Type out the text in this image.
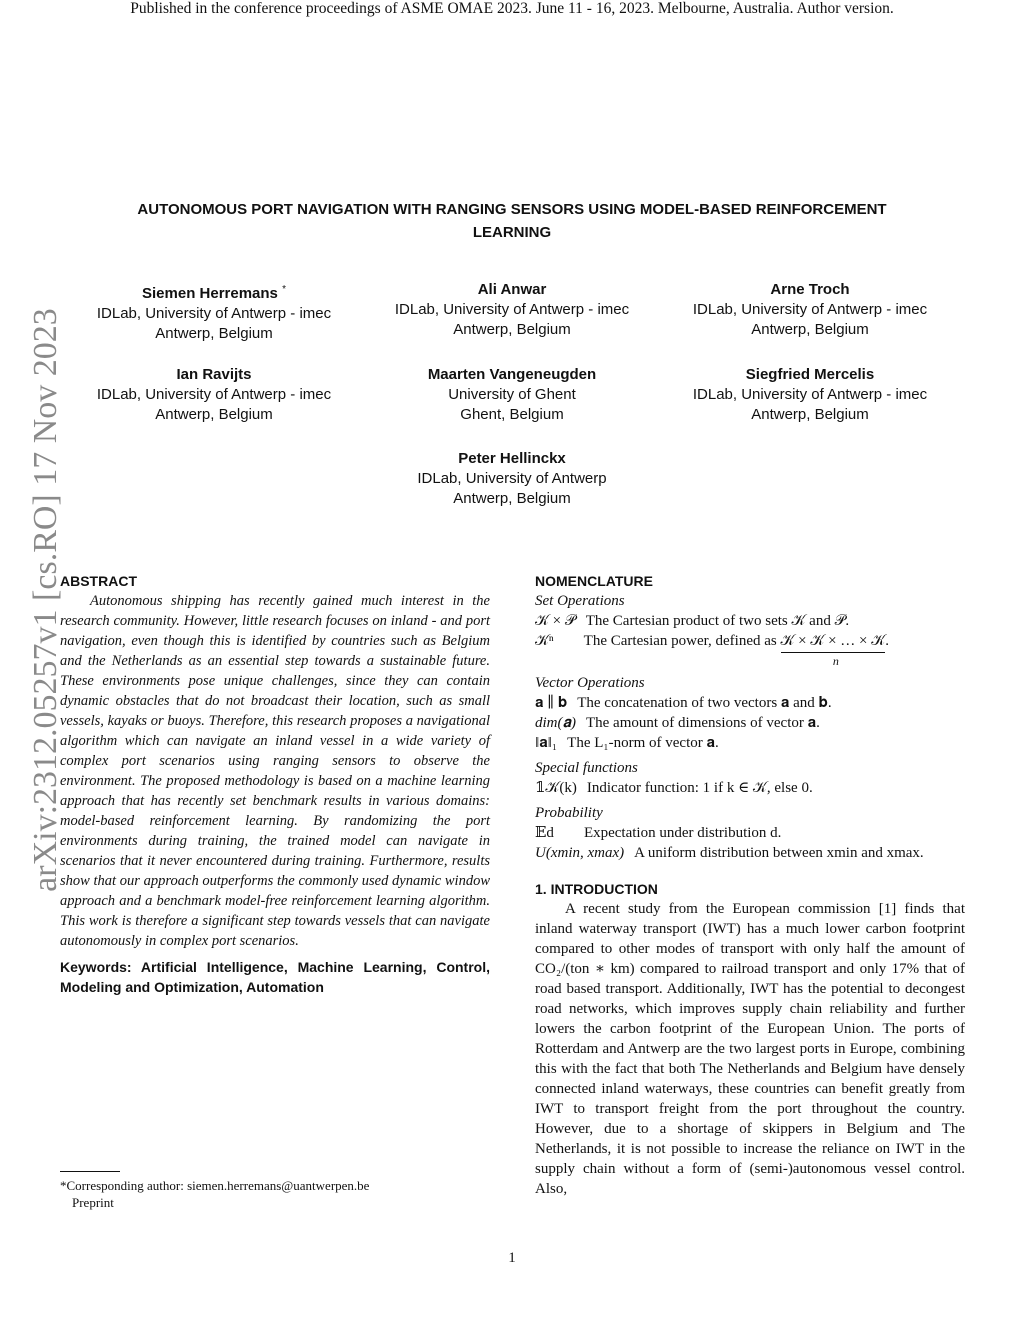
Published in the conference proceedings of ASME OMAE 2023. June 11 - 16, 2023. Melbourne, Australia. Author version.
arXiv:2312.05257v1 [cs.RO] 17 Nov 2023
AUTONOMOUS PORT NAVIGATION WITH RANGING SENSORS USING MODEL-BASED REINFORCEMENT
LEARNING
Siemen Herremans *
IDLab, University of Antwerp - imec
Antwerp, Belgium
Ali Anwar
IDLab, University of Antwerp - imec
Antwerp, Belgium
Arne Troch
IDLab, University of Antwerp - imec
Antwerp, Belgium
Ian Ravijts
IDLab, University of Antwerp - imec
Antwerp, Belgium
Maarten Vangeneugden
University of Ghent
Ghent, Belgium
Siegfried Mercelis
IDLab, University of Antwerp - imec
Antwerp, Belgium
Peter Hellinckx
IDLab, University of Antwerp
Antwerp, Belgium
ABSTRACT

Autonomous shipping has recently gained much interest in the research community. However, little research focuses on inland - and port navigation, even though this is identified by countries such as Belgium and the Netherlands as an essential step towards a sustainable future. These environments pose unique challenges, since they can contain dynamic obstacles that do not broadcast their location, such as small vessels, kayaks or buoys. Therefore, this research proposes a navigational algorithm which can navigate an inland vessel in a wide variety of complex port scenarios using ranging sensors to observe the environment. The proposed methodology is based on a machine learning approach that has recently set benchmark results in various domains: model-based reinforcement learning. By randomizing the port environments during training, the trained model can navigate in scenarios that it never encountered during training. Furthermore, results show that our approach outperforms the commonly used dynamic window approach and a benchmark model-free reinforcement learning algorithm. This work is therefore a significant step towards vessels that can navigate autonomously in complex port scenarios.

Keywords: Artificial Intelligence, Machine Learning, Control, Modeling and Optimization, Automation
NOMENCLATURE
Set Operations
𝒦 × 𝒫 The Cartesian product of two sets 𝒦 and 𝒫.
𝒦ⁿ The Cartesian power, defined as 𝒦 × 𝒦 × … × 𝒦
n
.
Vector Operations
𝐚 ∥ 𝐛 The concatenation of two vectors 𝐚 and 𝐛.
dim(𝐚) The amount of dimensions of vector 𝐚.
‖𝐚‖₁ The L₁-norm of vector 𝐚.
Special functions
𝟙𝒦(k) Indicator function: 1 if k ∈ 𝒦, else 0.
Probability
𝔼d Expectation under distribution d.
U(xmin, xmax) A uniform distribution between xmin and xmax.
1. INTRODUCTION

A recent study from the European commission [1] finds that inland waterway transport (IWT) has a much lower carbon footprint compared to other modes of transport with only half the amount of CO₂/(ton ∗ km) compared to railroad transport and only 17% that of road based transport. Additionally, IWT has the potential to decongest road networks, which improves supply chain reliability and further lowers the carbon footprint of the European Union. The ports of Rotterdam and Antwerp are the two largest ports in Europe, combining this with the fact that both The Netherlands and Belgium have densely connected inland waterways, these countries can benefit greatly from IWT to transport freight from the port throughout the country. However, due to a shortage of skippers in Belgium and The Netherlands, it is not possible to increase the reliance on IWT in the supply chain without a form of (semi-)autonomous vessel control. Also,

*Corresponding author: siemen.herremans@uantwerpen.be
Preprint
1
